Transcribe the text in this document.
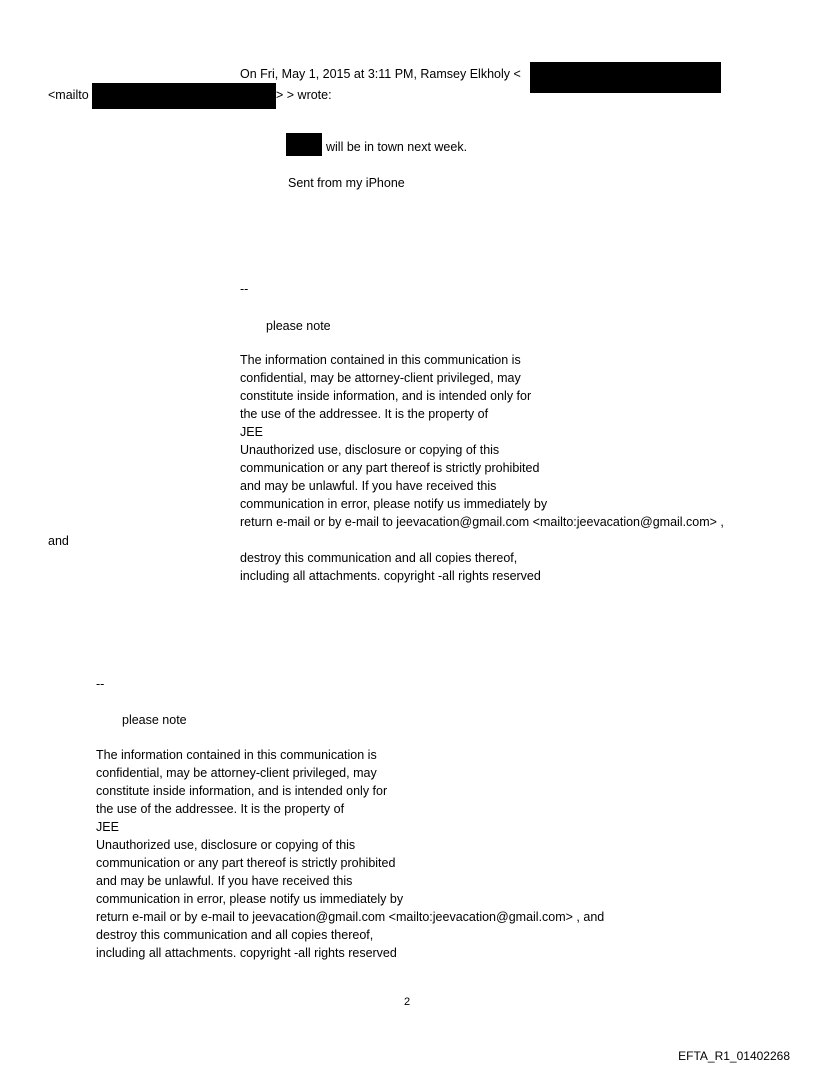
On Fri, May 1, 2015 at 3:11 PM, Ramsey Elkholy <
<mailto	> > wrote:
will be in town next week.
Sent from my iPhone
--
please note
The information contained in this communication is
confidential, may be attorney-client privileged, may
constitute inside information, and is intended only for
the use of the addressee. It is the property of
JEE
Unauthorized use, disclosure or copying of this
communication or any part thereof is strictly prohibited
and may be unlawful. If you have received this
communication in error, please notify us immediately by
return e-mail or by e-mail to jeevacation@gmail.com <mailto:jeevacation@gmail.com> ,
and
destroy this communication and all copies thereof,
including all attachments. copyright -all rights reserved
--
please note
The information contained in this communication is
confidential, may be attorney-client privileged, may
constitute inside information, and is intended only for
the use of the addressee. It is the property of
JEE
Unauthorized use, disclosure or copying of this
communication or any part thereof is strictly prohibited
and may be unlawful. If you have received this
communication in error, please notify us immediately by
return e-mail or by e-mail to jeevacation@gmail.com <mailto:jeevacation@gmail.com> , and
destroy this communication and all copies thereof,
including all attachments. copyright -all rights reserved
2
EFTA_R1_01402268
